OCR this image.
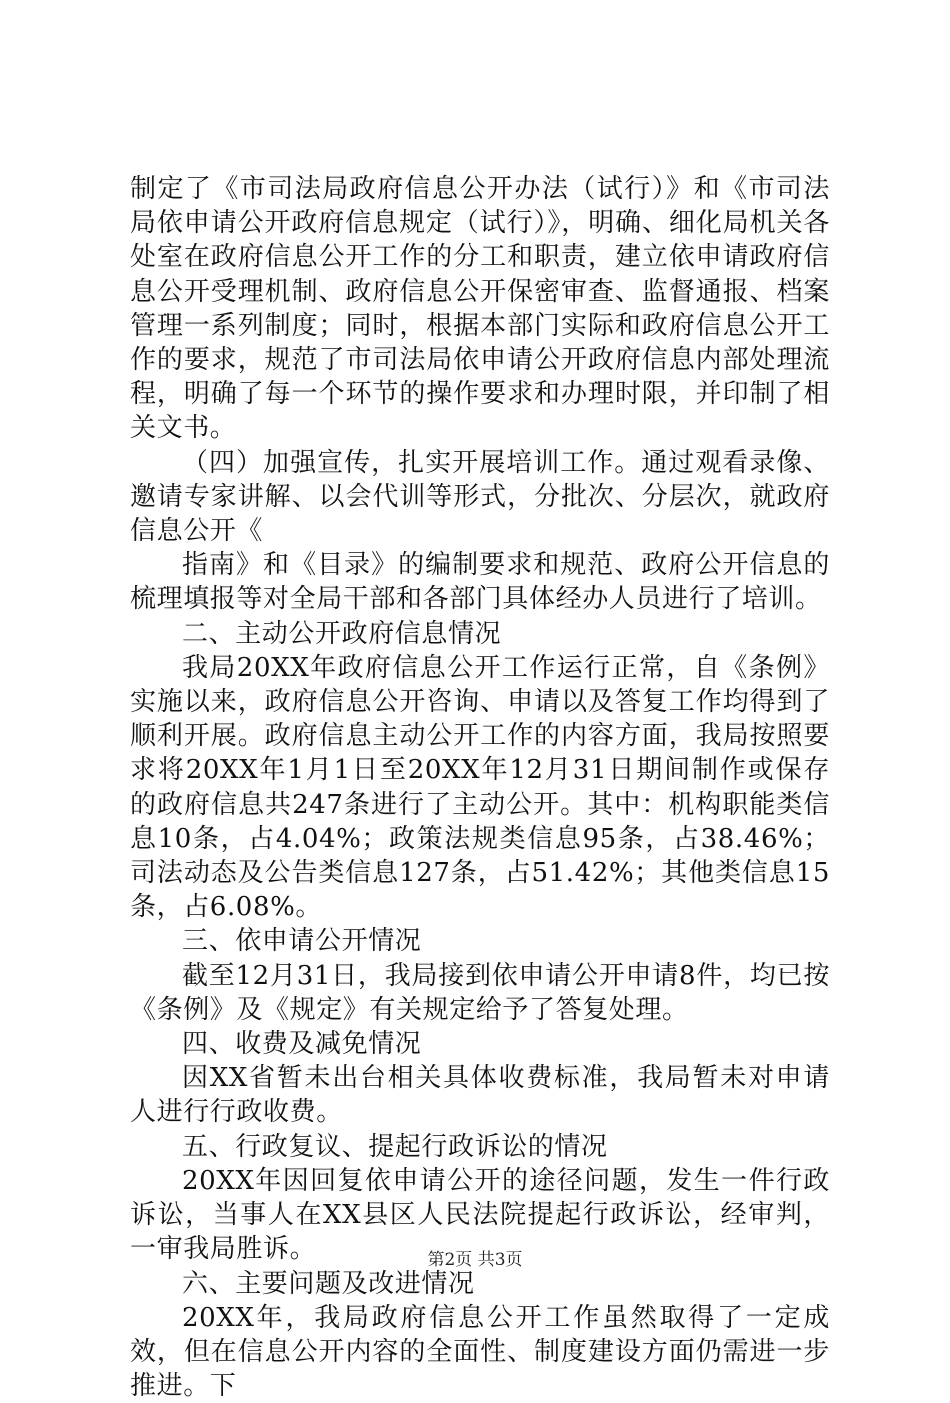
制定了《市司法局政府信息公开办法（试行）》和《市司法局依申请公开政府信息规定（试行）》，明确、细化局机关各处室在政府信息公开工作的分工和职责，建立依申请政府信息公开受理机制、政府信息公开保密审查、监督通报、档案管理一系列制度；同时，根据本部门实际和政府信息公开工作的要求，规范了市司法局依申请公开政府信息内部处理流程，明确了每一个环节的操作要求和办理时限，并印制了相关文书。

（四）加强宣传，扎实开展培训工作。通过观看录像、邀请专家讲解、以会代训等形式，分批次、分层次，就政府信息公开《

指南》和《目录》的编制要求和规范、政府公开信息的梳理填报等对全局干部和各部门具体经办人员进行了培训。

二、主动公开政府信息情况

我局20XX年政府信息公开工作运行正常，自《条例》实施以来，政府信息公开咨询、申请以及答复工作均得到了顺利开展。政府信息主动公开工作的内容方面，我局按照要求将20XX年1月1日至20XX年12月31日期间制作或保存的政府信息共247条进行了主动公开。其中：机构职能类信息10条，占4.04%；政策法规类信息95条，占38.46%；司法动态及公告类信息127条，占51.42%；其他类信息15条，占6.08%。

三、依申请公开情况

截至12月31日，我局接到依申请公开申请8件，均已按《条例》及《规定》有关规定给予了答复处理。

四、收费及减免情况

因XX省暂未出台相关具体收费标准，我局暂未对申请人进行行政收费。

五、行政复议、提起行政诉讼的情况

20XX年因回复依申请公开的途径问题，发生一件行政诉讼，当事人在XX县区人民法院提起行政诉讼，经审判，一审我局胜诉。

六、主要问题及改进情况

20XX年，我局政府信息公开工作虽然取得了一定成效，但在信息公开内容的全面性、制度建设方面仍需进一步推进。下

第2页 共3页
